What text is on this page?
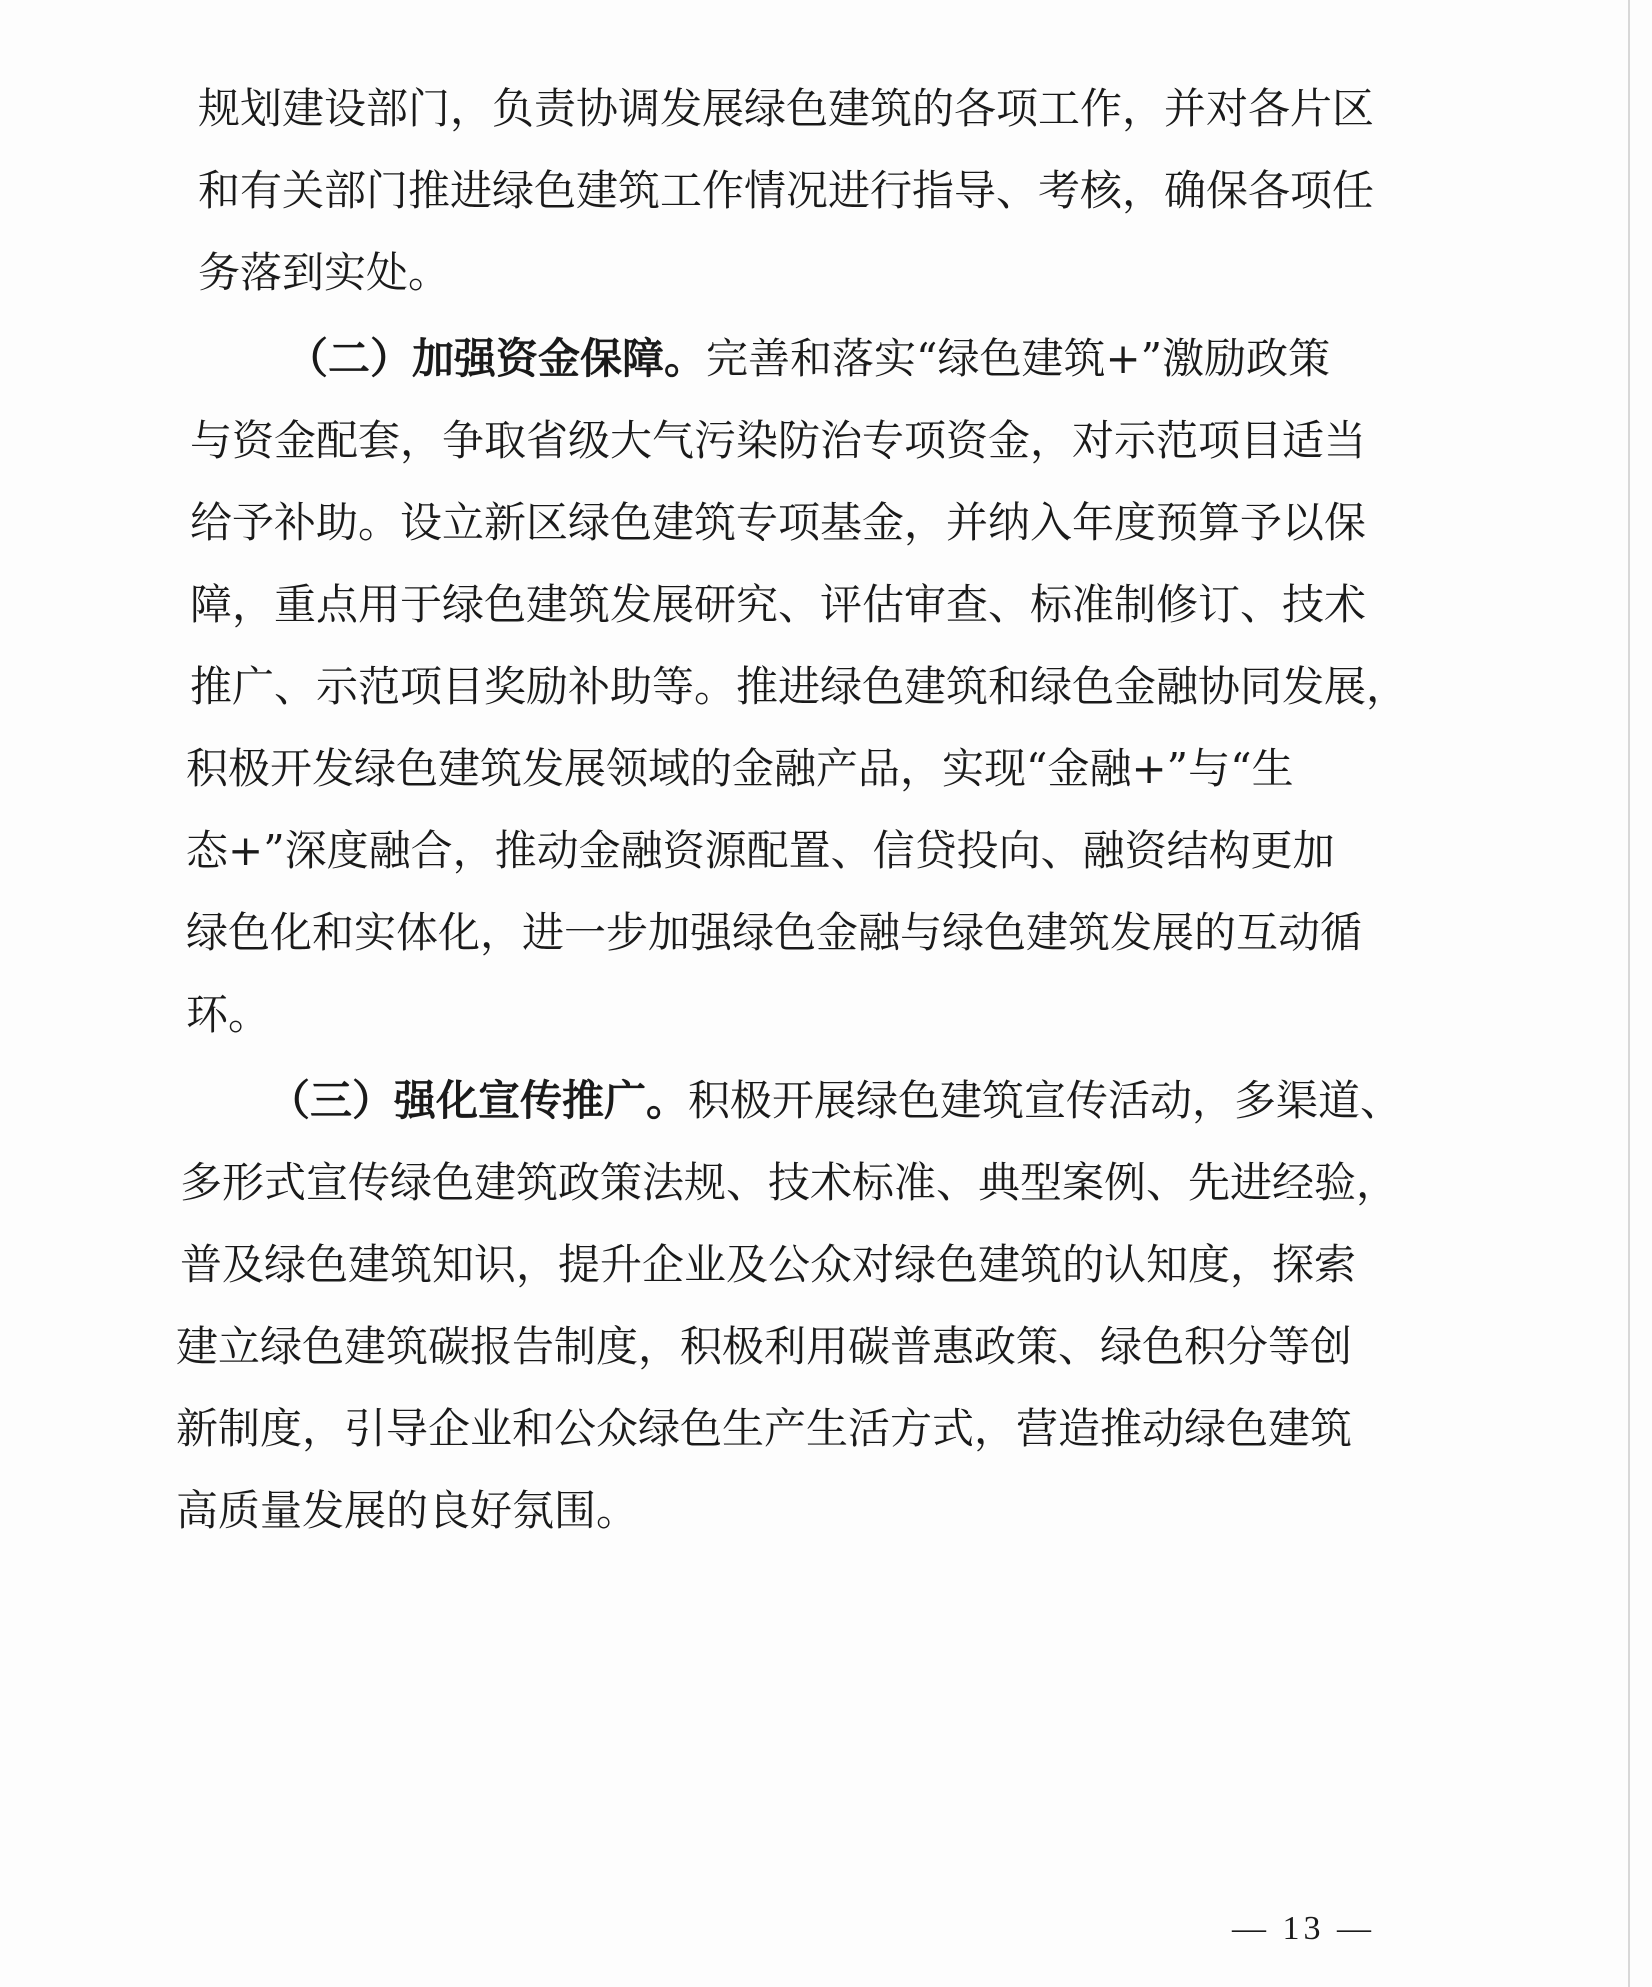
规划建设部门，负责协调发展绿色建筑的各项工作，并对各片区
和有关部门推进绿色建筑工作情况进行指导、考核，确保各项任
务落到实处。
（二）加强资金保障。完善和落实“绿色建筑+”激励政策
与资金配套，争取省级大气污染防治专项资金，对示范项目适当
给予补助。设立新区绿色建筑专项基金，并纳入年度预算予以保
障，重点用于绿色建筑发展研究、评估审查、标准制修订、技术
推广、示范项目奖励补助等。推进绿色建筑和绿色金融协同发展，
积极开发绿色建筑发展领域的金融产品，实现“金融+”与“生
态+”深度融合，推动金融资源配置、信贷投向、融资结构更加
绿色化和实体化，进一步加强绿色金融与绿色建筑发展的互动循
环。
（三）强化宣传推广。积极开展绿色建筑宣传活动，多渠道、
多形式宣传绿色建筑政策法规、技术标准、典型案例、先进经验，
普及绿色建筑知识，提升企业及公众对绿色建筑的认知度，探索
建立绿色建筑碳报告制度，积极利用碳普惠政策、绿色积分等创
新制度，引导企业和公众绿色生产生活方式，营造推动绿色建筑
高质量发展的良好氛围。
— 13 —
